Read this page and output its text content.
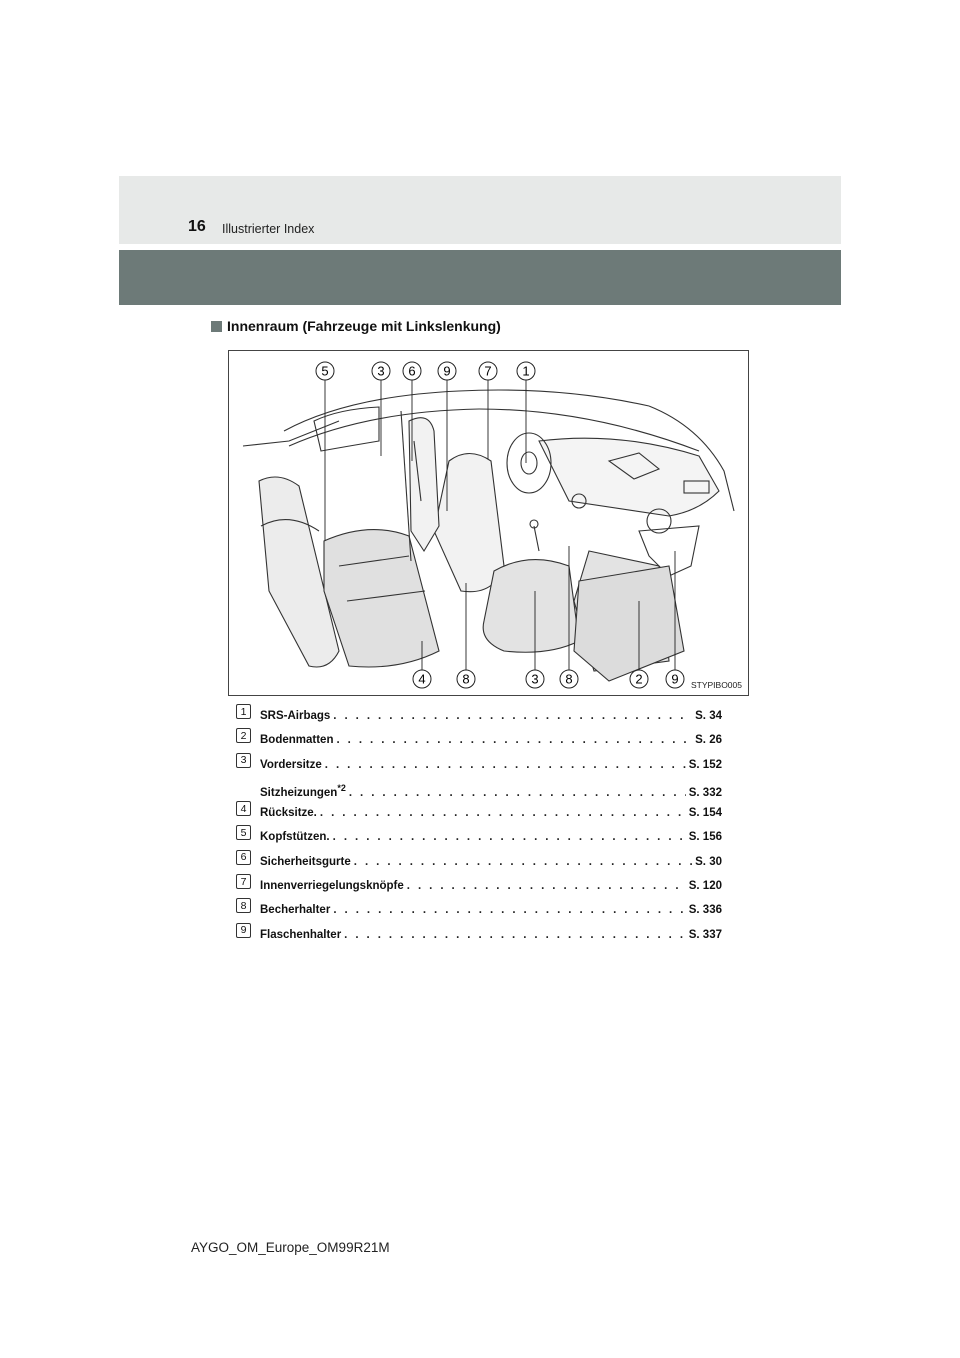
16 Illustrierter Index
Innenraum (Fahrzeuge mit Linkslenkung)
5	3 6 9	7 1
4	8	3 8	2 9 STYPIBO005
1	SRS-Airbags . . .	S. 34
2	Bodenmatten . . .	S. 26
3	Vordersitze . . .	S. 152
Sitzheizungen$^{*2}$ . . .	S. 332
4	Rücksitze. . . .	S. 154
5	Kopfstützen. . . .	S. 156
6	Sicherheitsgurte . . .	S. 30
7	Innenverriegelungsknöpfe . . .	S. 120
8	Becherhalter . . .	S. 336
9	Flaschenhalter . . .	S. 337
AYGO_OM_Europe_OM99R21M
